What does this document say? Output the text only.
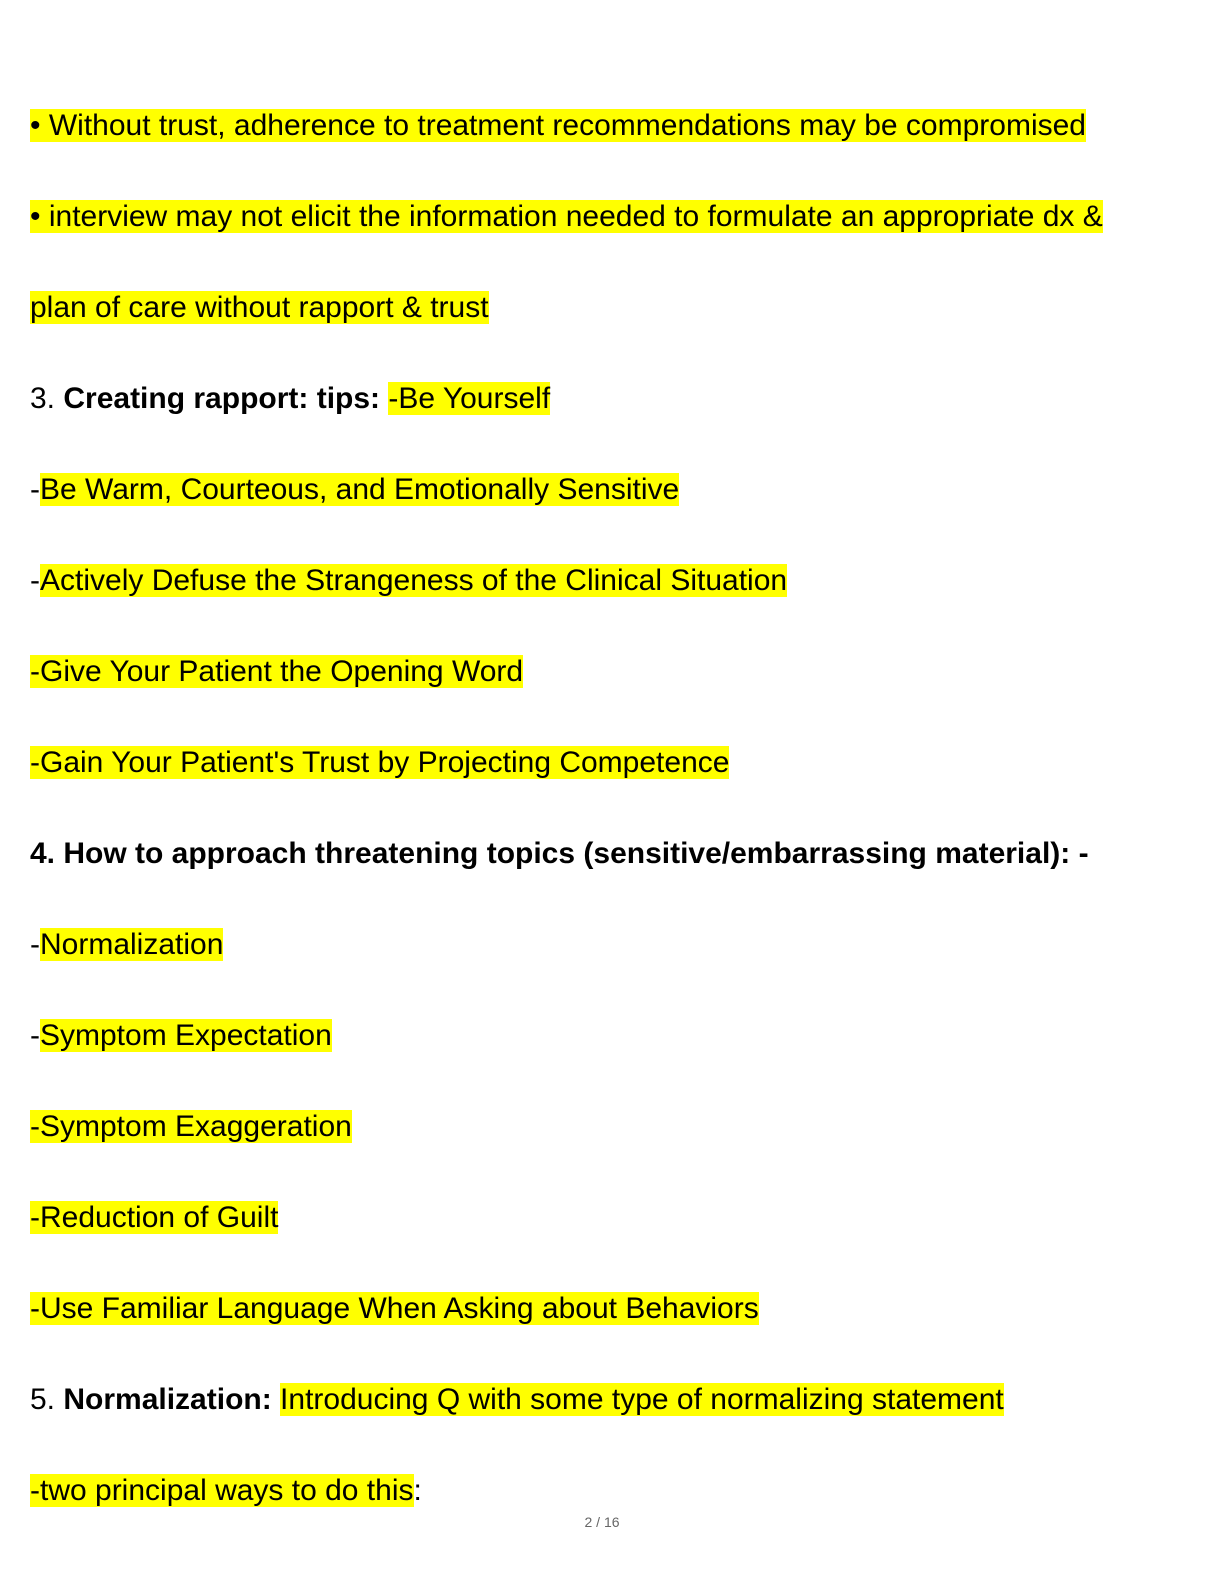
• Without trust, adherence to treatment recommendations may be compromised
• interview may not elicit the information needed to formulate an appropriate dx &
plan of care without rapport & trust
3. Creating rapport: tips: -Be Yourself
-Be Warm, Courteous, and Emotionally Sensitive
-Actively Defuse the Strangeness of the Clinical Situation
-Give Your Patient the Opening Word
-Gain Your Patient's Trust by Projecting Competence
4. How to approach threatening topics (sensitive/embarrassing material): -
-Normalization
-Symptom Expectation
-Symptom Exaggeration
-Reduction of Guilt
-Use Familiar Language When Asking about Behaviors
5. Normalization: Introducing Q with some type of normalizing statement
-two principal ways to do this:
2 / 16
